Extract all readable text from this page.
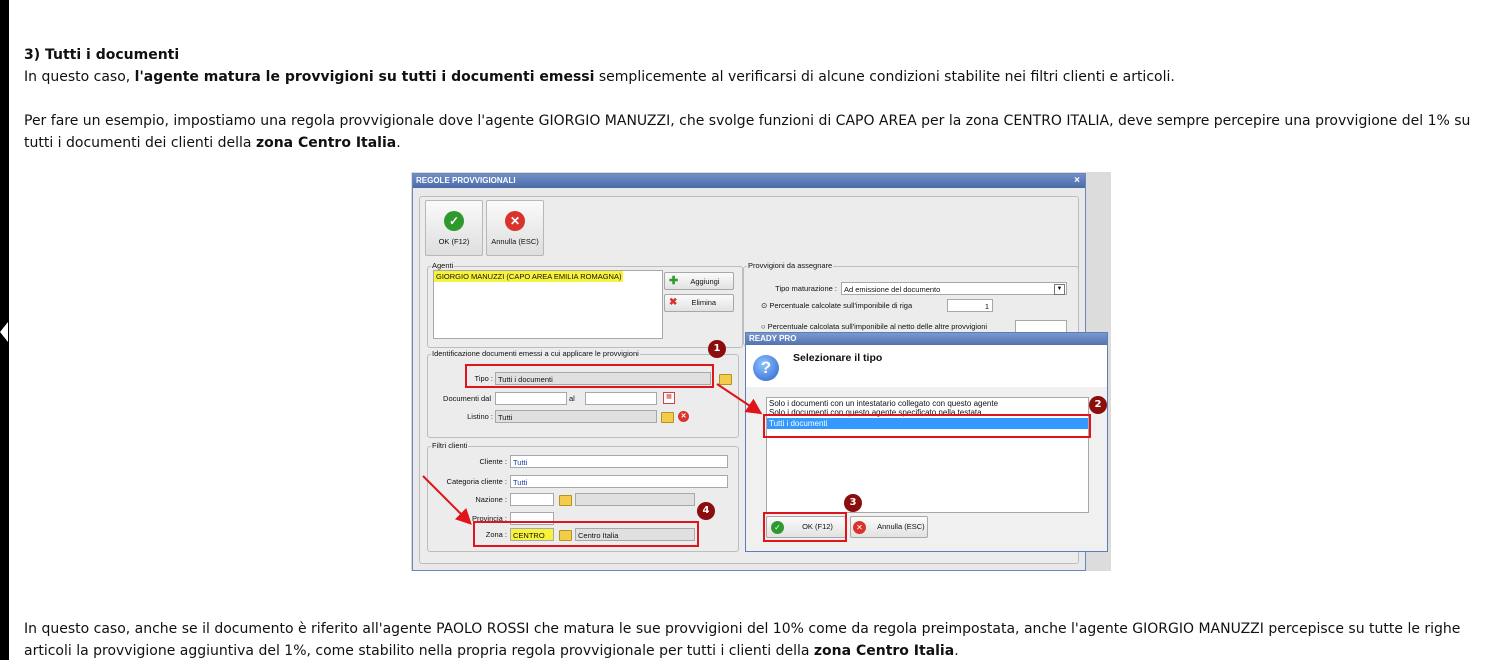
3) Tutti i documenti
In questo caso, l'agente matura le provvigioni su tutti i documenti emessi semplicemente al verificarsi di alcune condizioni stabilite nei filtri clienti e articoli.
Per fare un esempio, impostiamo una regola provvigionale dove l'agente GIORGIO MANUZZI, che svolge funzioni di CAPO AREA per la zona CENTRO ITALIA, deve sempre percepire una provvigione del 1% su tutti i documenti dei clienti della zona Centro Italia.
REGOLE PROVVIGIONALI	×
✓
OK (F12)
✕
Annulla (ESC)
Agenti
GIORGIO MANUZZI (CAPO AREA EMILIA ROMAGNA)	✚ Aggiungi
✖ Elimina
Provvigioni da assegnare
Tipo maturazione : Ad emissione del documento	▼
⊙ Percentuale calcolate sull'imponibile di riga	1
○ Percentuale calcolata sull'imponibile al netto delle altre provvigioni
Identificazione documenti emessi a cui applicare le provvigioni
Tipo : Tutti i documenti
Documenti dal	al	▦
Listino : Tutti	✕
Filtri clienti
Cliente : Tutti
Categoria cliente : Tutti
Nazione :
Provincia :
Zona : CENTRO	Centro Italia
READY PRO
?	Selezionare il tipo
Solo i documenti con un intestatario collegato con questo agente
Solo i documenti con questo agente specificato nella testata
Tutti i documenti
✓	OK (F12)	✕ Annulla (ESC)
1
2
3
4
In questo caso, anche se il documento è riferito all'agente PAOLO ROSSI che matura le sue provvigioni del 10% come da regola preimpostata, anche l'agente GIORGIO MANUZZI percepisce su tutte le righe articoli la provvigione aggiuntiva del 1%, come stabilito nella propria regola provvigionale per tutti i clienti della zona Centro Italia.
